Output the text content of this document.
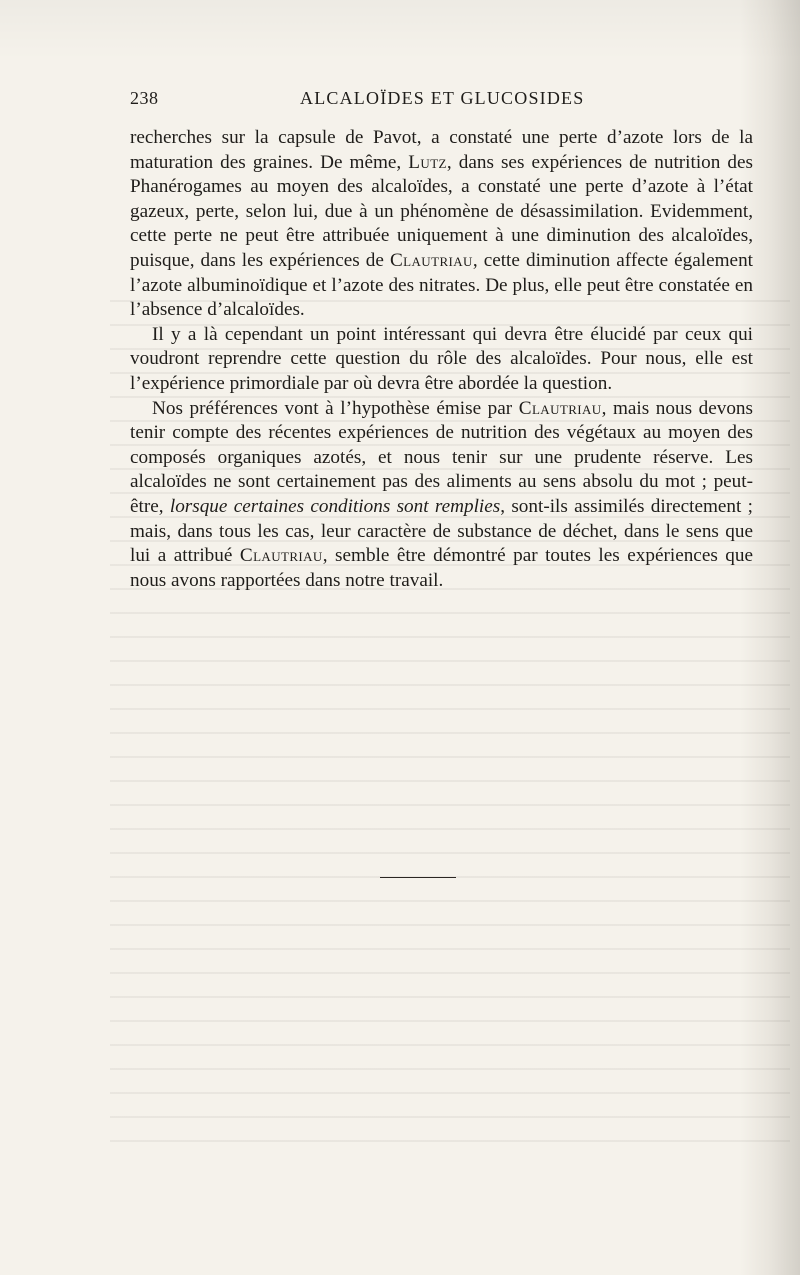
238	ALCALOÏDES ET GLUCOSIDES

recherches sur la capsule de Pavot, a constaté une perte d’azote lors de la maturation des graines. De même, Lutz, dans ses expériences de nutrition des Phanérogames au moyen des alcaloïdes, a constaté une perte d’azote à l’état gazeux, perte, selon lui, due à un phénomène de désassimilation. Evidemment, cette perte ne peut être attribuée uniquement à une diminution des alcaloïdes, puisque, dans les expériences de Clautriau, cette diminution affecte également l’azote albuminoïdique et l’azote des nitrates. De plus, elle peut être constatée en l’absence d’alcaloïdes.

Il y a là cependant un point intéressant qui devra être élucidé par ceux qui voudront reprendre cette question du rôle des alcaloïdes. Pour nous, elle est l’expérience primordiale par où devra être abordée la question.

Nos préférences vont à l’hypothèse émise par Clautriau, mais nous devons tenir compte des récentes expériences de nutrition des végétaux au moyen des composés organiques azotés, et nous tenir sur une prudente réserve. Les alcaloïdes ne sont certainement pas des aliments au sens absolu du mot ; peut-être, lorsque certaines conditions sont remplies, sont-ils assimilés directement ; mais, dans tous les cas, leur caractère de substance de déchet, dans le sens que lui a attribué Clautriau, semble être démontré par toutes les expériences que nous avons rapportées dans notre travail.
